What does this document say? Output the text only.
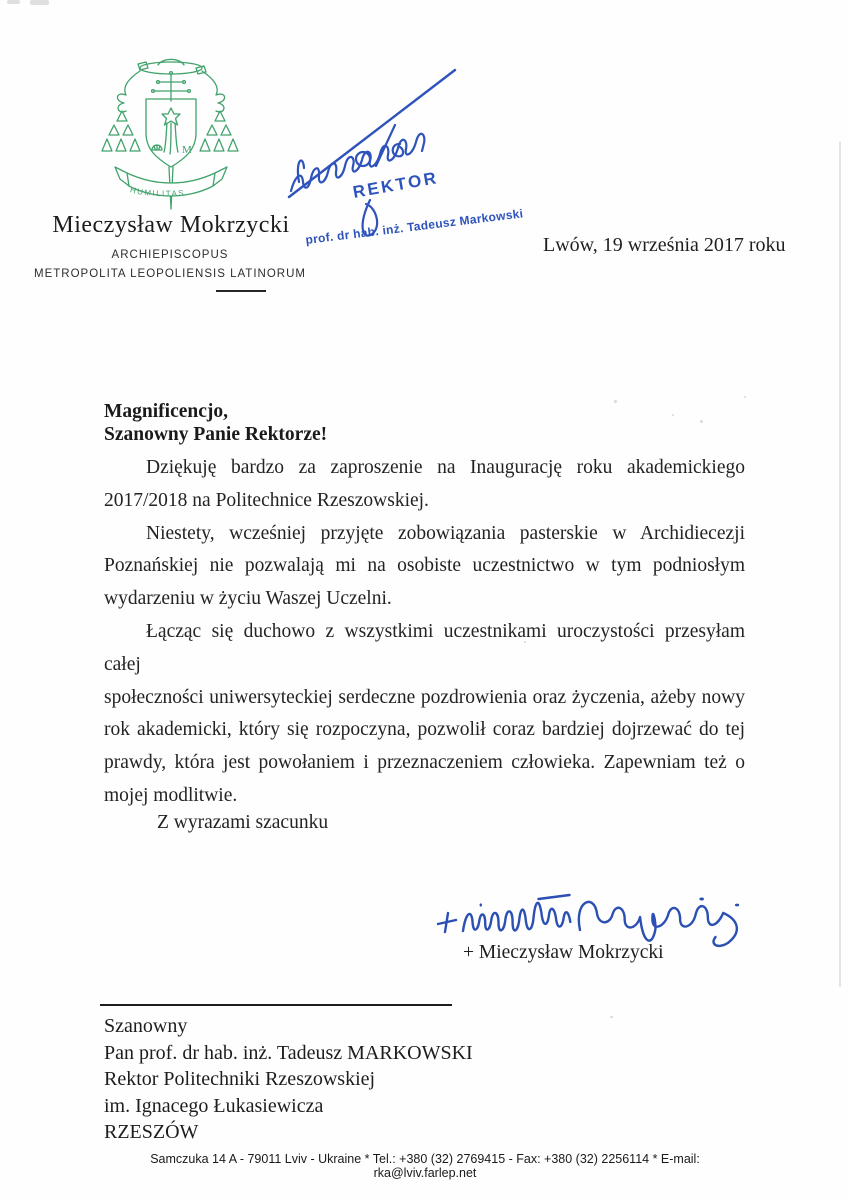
M
HUMILITAS
Mieczysław Mokrzycki
ARCHIEPISCOPUS
METROPOLITA LEOPOLIENSIS LATINORUM
REKTOR
prof. dr hab. inż. Tadeusz Markowski Lwów, 19 września 2017 roku
Magnificencjo,
Szanowny Panie Rektorze!
Dziękuję bardzo za zaproszenie na Inaugurację roku akademickiego
2017/2018 na Politechnice Rzeszowskiej.
Niestety, wcześniej przyjęte zobowiązania pasterskie w Archidiecezji
Poznańskiej nie pozwalają mi na osobiste uczestnictwo w tym podniosłym
wydarzeniu w życiu Waszej Uczelni.
Łącząc się duchowo z wszystkimi uczestnikami uroczystości przesyłam całej
społeczności uniwersyteckiej serdeczne pozdrowienia oraz życzenia, ażeby nowy
rok akademicki, który się rozpoczyna, pozwolił coraz bardziej dojrzewać do tej
prawdy, która jest powołaniem i przeznaczeniem człowieka. Zapewniam też o
mojej modlitwie.
Z wyrazami szacunku
+ Mieczysław Mokrzycki
Szanowny
Pan prof. dr hab. inż. Tadeusz MARKOWSKI
Rektor Politechniki Rzeszowskiej
im. Ignacego Łukasiewicza
RZESZÓW
Samczuka 14 A - 79011 Lviv - Ukraine * Tel.: +380 (32) 2769415 - Fax: +380 (32) 2256114 * E-mail: rka@lviv.farlep.net
